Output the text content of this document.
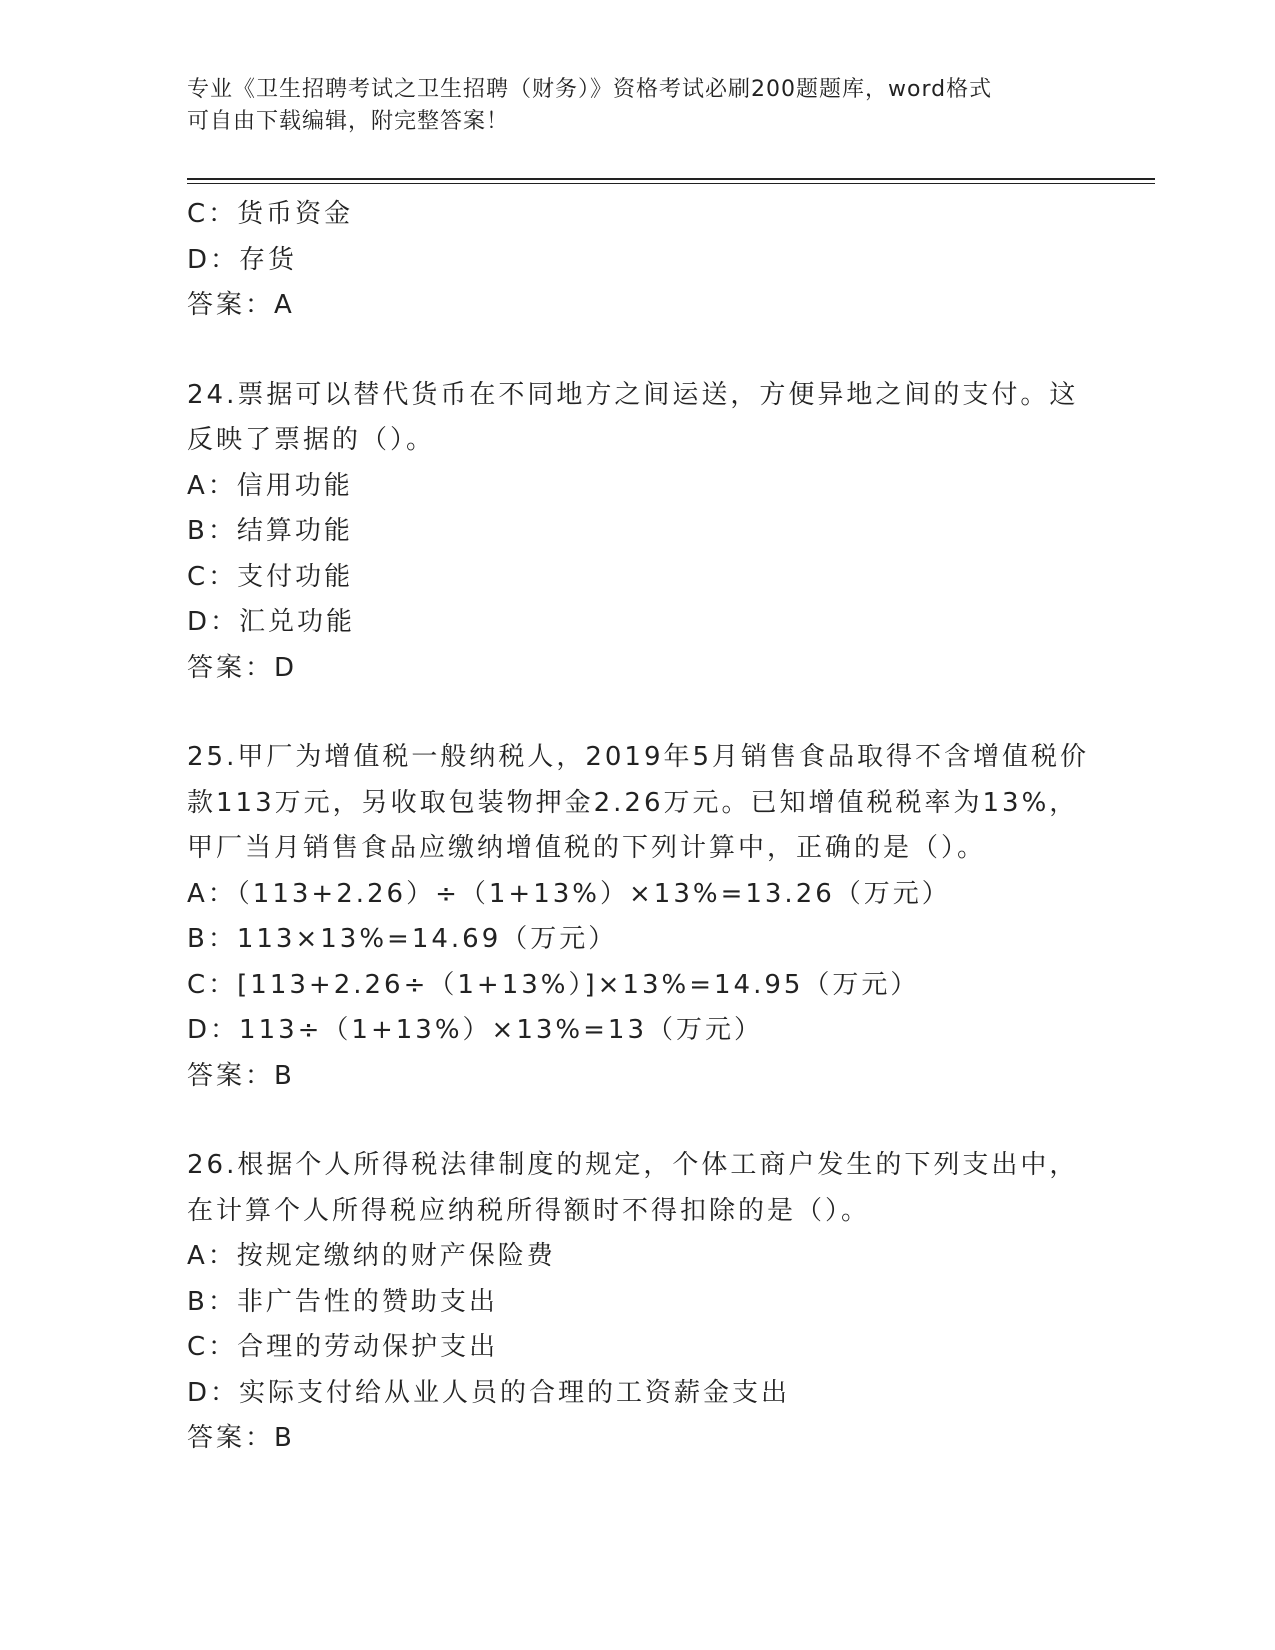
专业《卫生招聘考试之卫生招聘（财务）》资格考试必刷200题题库，word格式
可自由下载编辑，附完整答案！
C：货币资金
D：存货
答案：A
24.票据可以替代货币在不同地方之间运送，方便异地之间的支付。这
反映了票据的（）。
A：信用功能
B：结算功能
C：支付功能
D：汇兑功能
答案：D
25.甲厂为增值税一般纳税人，2019年5月销售食品取得不含增值税价
款113万元，另收取包装物押金2.26万元。已知增值税税率为13%，
甲厂当月销售食品应缴纳增值税的下列计算中，正确的是（）。
A：（113+2.26）÷（1+13%）×13%=13.26（万元）
B：113×13%=14.69（万元）
C：[113+2.26÷（1+13%）]×13%=14.95（万元）
D：113÷（1+13%）×13%=13（万元）
答案：B
26.根据个人所得税法律制度的规定，个体工商户发生的下列支出中，
在计算个人所得税应纳税所得额时不得扣除的是（）。
A：按规定缴纳的财产保险费
B：非广告性的赞助支出
C：合理的劳动保护支出
D：实际支付给从业人员的合理的工资薪金支出
答案：B
